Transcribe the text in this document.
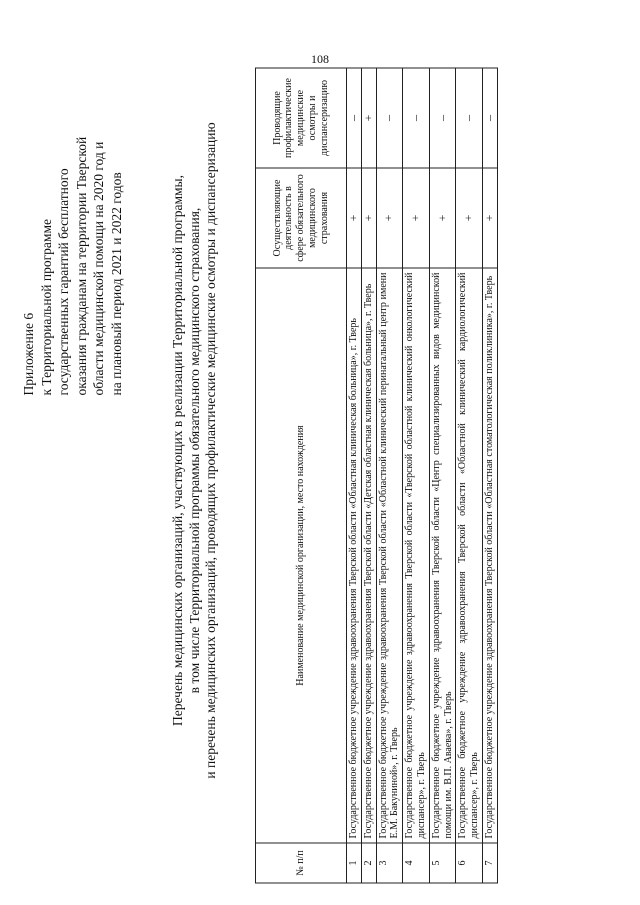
108
Приложение 6 к Территориальной программе государственных гарантий бесплатного оказания гражданам на территории Тверской области медицинской помощи на 2020 год и на плановый период 2021 и 2022 годов	Перечень медицинских организаций, участвующих в реализации Территориальной программы, в том числе Территориальной программы обязательного медицинского страхования, и перечень медицинских организаций, проводящих профилактические медицинские осмотры и диспансеризацию
№ п/п	Наименование медицинской организации, место нахождения	Осуществляющие деятельность в сфере обязательного медицинского страхования	Проводящие профилактические медицинские осмотры и диспансеризацию
1	Государственное бюджетное учреждение здравоохранения Тверской области «Областная клиническая больница», г. Тверь	+	–
2	Государственное бюджетное учреждение здравоохранения Тверской области «Детская областная клиническая больница», г. Тверь	+	+
3	Государственное бюджетное учреждение здравоохранения Тверской области «Областной клинический перинатальный центр имени Е.М. Бакуниной», г. Тверь	+	–
4	Государственное бюджетное учреждение здравоохранения Тверской области «Тверской областной клинический онкологический диспансер», г. Тверь	+	–
5	Государственное бюджетное учреждение здравоохранения Тверской области «Центр специализированных видов медицинской помощи им. В.П. Аваева», г. Тверь	+	–
6	Государственное бюджетное учреждение здравоохранения Тверской области «Областной клинический кардиологический диспансер», г. Тверь	+	–
7	Государственное бюджетное учреждение здравоохранения Тверской области «Областная стоматологическая поликлиника», г. Тверь	+	–
